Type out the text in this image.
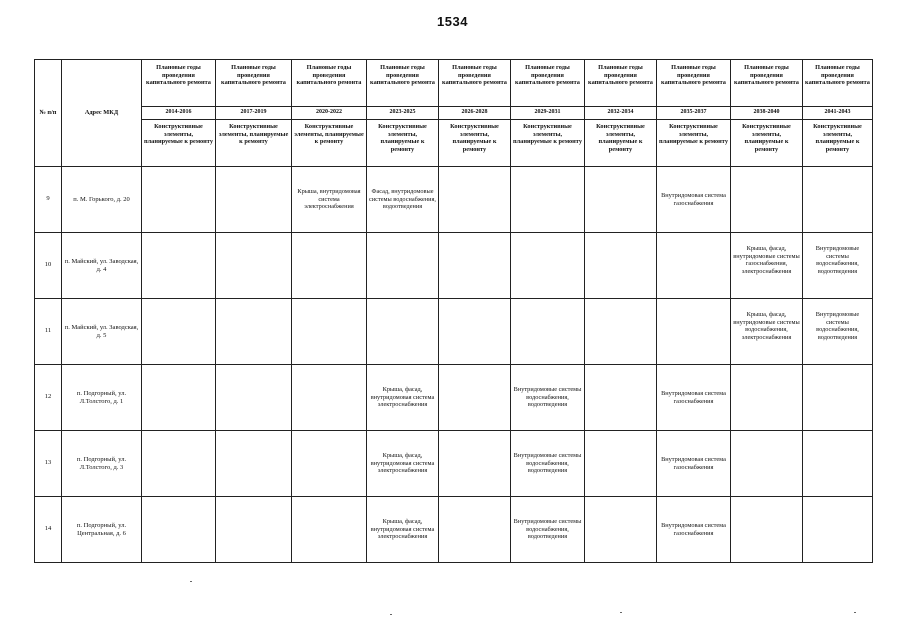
1534
№ п/п	Адрес МКД	Плановые годы проведения капитального ремонта	Плановые годы проведения капитального ремонта	Плановые годы проведения капитального ремонта	Плановые годы проведения капитального ремонта	Плановые годы проведения капитального ремонта	Плановые годы проведения капитального ремонта	Плановые годы проведения капитального ремонта	Плановые годы проведения капитального ремонта	Плановые годы проведения капитального ремонта	Плановые годы проведения капитального ремонта
		2014-2016	2017-2019	2020-2022	2023-2025	2026-2028	2029-2031	2032-2034	2035-2037	2038-2040	2041-2043
		Конструктивные элементы, планируемые к ремонту	Конструктивные элементы, планируемые к ремонту	Конструктивные элементы, планируемые к ремонту	Конструктивные элементы, планируемые к ремонту	Конструктивные элементы, планируемые к ремонту	Конструктивные элементы, планируемые к ремонту	Конструктивные элементы, планируемые к ремонту	Конструктивные элементы, планируемые к ремонту	Конструктивные элементы, планируемые к ремонту	Конструктивные элементы, планируемые к ремонту
9	п. М. Горького, д. 20			Крыша, внутридомовая система электроснабжения	Фасад, внутридомовые системы водоснабжения, водоотведения				Внутридомовая система газоснабжения		
10	п. Майский, ул. Заводская, д. 4									Крыша, фасад, внутридомовые системы газоснабжения, электроснабжения	Внутридомовые системы водоснабжения, водоотведения
11	п. Майский, ул. Заводская, д. 5									Крыша, фасад, внутридомовые системы водоснабжения, электроснабжения	Внутридомовые системы водоснабжения, водоотведения
12	п. Подгорный, ул. Л.Толстого, д. 1				Крыша, фасад, внутридомовая система электроснабжения		Внутридомовые системы водоснабжения, водоотведения		Внутридомовая система газоснабжения		
13	п. Подгорный, ул. Л.Толстого, д. 3				Крыша, фасад, внутридомовая система электроснабжения		Внутридомовые системы водоснабжения, водоотведения		Внутридомовая система газоснабжения		
14	п. Подгорный, ул. Центральная, д. 6				Крыша, фасад, внутридомовая система электроснабжения		Внутридомовые системы водоснабжения, водоотведения		Внутридомовая система газоснабжения		
